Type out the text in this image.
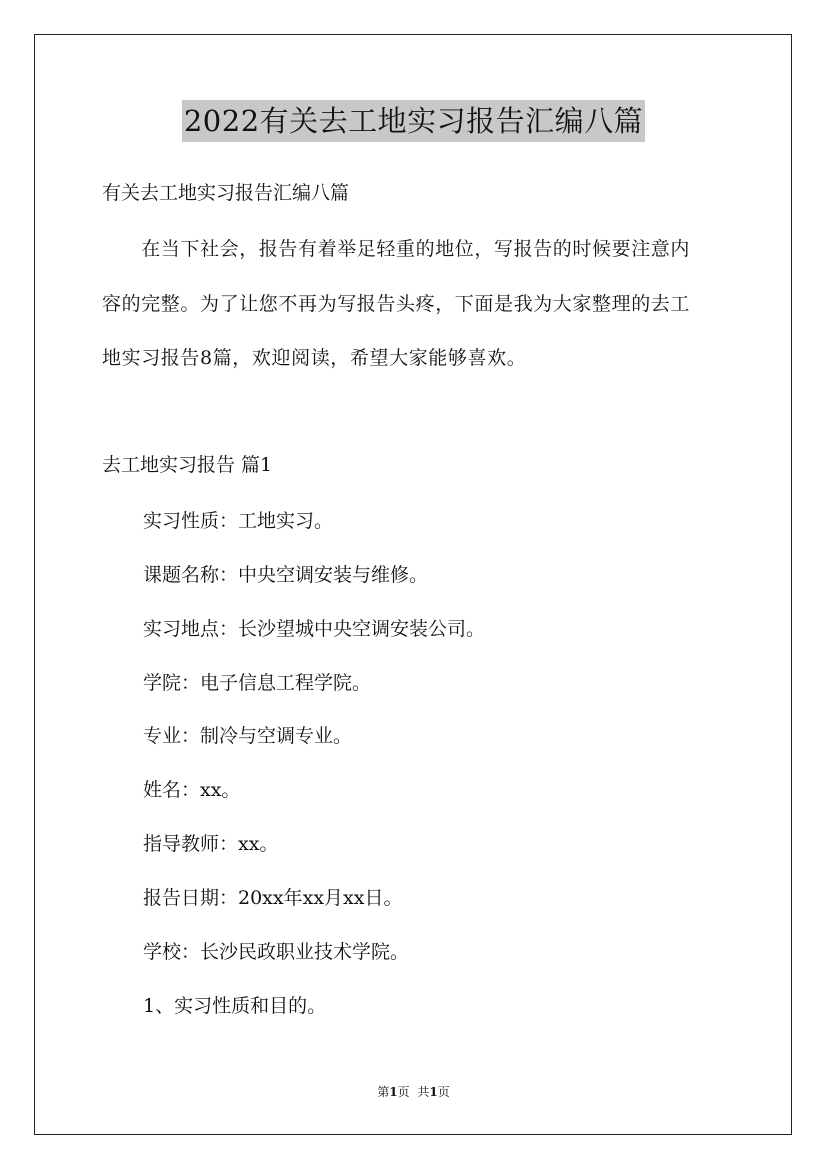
2022有关去工地实习报告汇编八篇
有关去工地实习报告汇编八篇
　　在当下社会，报告有着举足轻重的地位，写报告的时候要注意内
容的完整。为了让您不再为写报告头疼，下面是我为大家整理的去工
地实习报告8篇，欢迎阅读，希望大家能够喜欢。
去工地实习报告 篇1
实习性质：工地实习。
课题名称：中央空调安装与维修。
实习地点：长沙望城中央空调安装公司。
学院：电子信息工程学院。
专业：制冷与空调专业。
姓名：xx。
指导教师：xx。
报告日期：20xx年xx月xx日。
学校：长沙民政职业技术学院。
1、实习性质和目的。
第1页 共1页
